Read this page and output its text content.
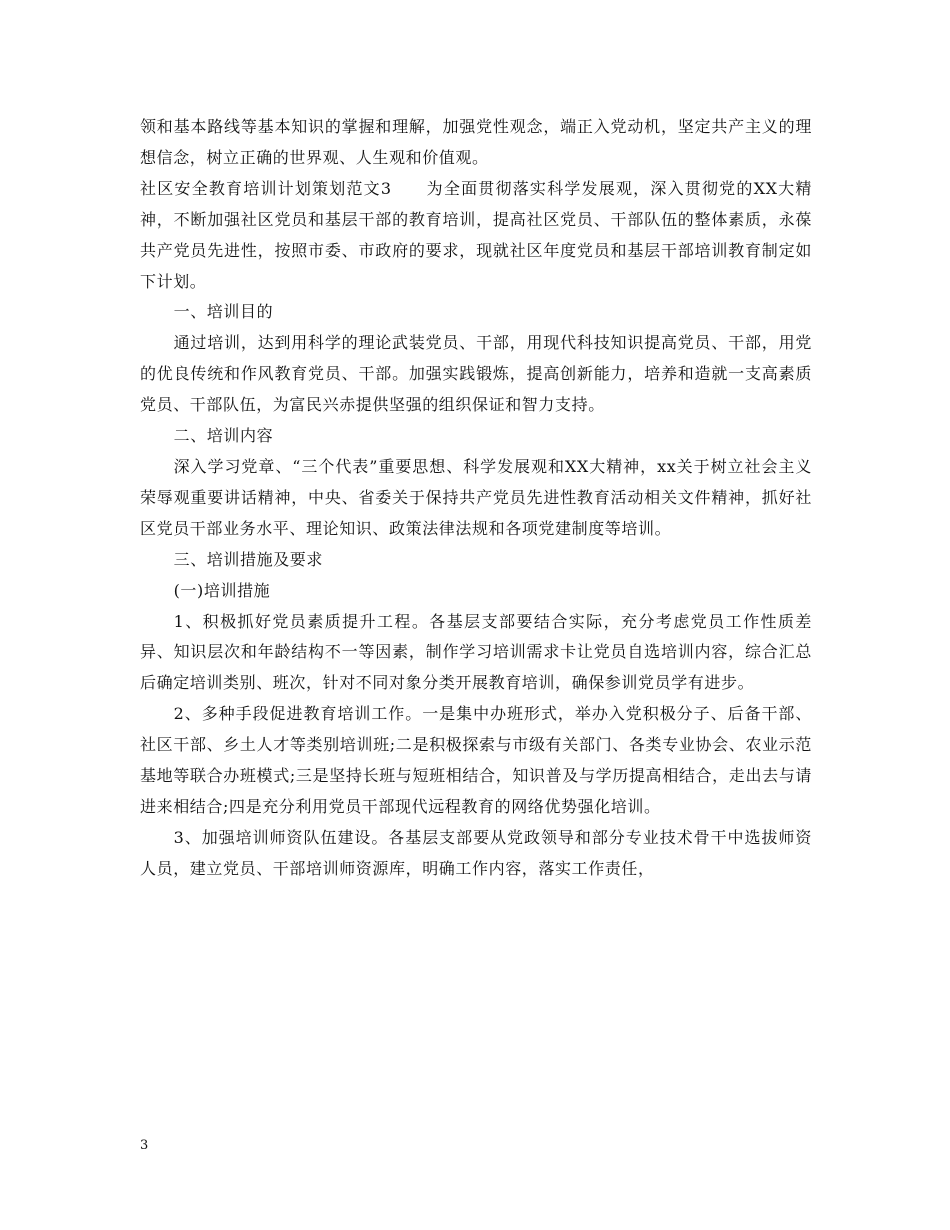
领和基本路线等基本知识的掌握和理解，加强党性观念，端正入党动机，坚定共产主义的理想信念，树立正确的世界观、人生观和价值观。

社区安全教育培训计划策划范文3　　为全面贯彻落实科学发展观，深入贯彻党的XX大精神，不断加强社区党员和基层干部的教育培训，提高社区党员、干部队伍的整体素质，永葆共产党员先进性，按照市委、市政府的要求，现就社区年度党员和基层干部培训教育制定如下计划。

一、培训目的

通过培训，达到用科学的理论武装党员、干部，用现代科技知识提高党员、干部，用党的优良传统和作风教育党员、干部。加强实践锻炼，提高创新能力，培养和造就一支高素质党员、干部队伍，为富民兴赤提供坚强的组织保证和智力支持。

二、培训内容

深入学习党章、“三个代表”重要思想、科学发展观和XX大精神，xx关于树立社会主义荣辱观重要讲话精神，中央、省委关于保持共产党员先进性教育活动相关文件精神，抓好社区党员干部业务水平、理论知识、政策法律法规和各项党建制度等培训。

三、培训措施及要求

(一)培训措施

1、积极抓好党员素质提升工程。各基层支部要结合实际，充分考虑党员工作性质差异、知识层次和年龄结构不一等因素，制作学习培训需求卡让党员自选培训内容，综合汇总后确定培训类别、班次，针对不同对象分类开展教育培训，确保参训党员学有进步。

2、多种手段促进教育培训工作。一是集中办班形式，举办入党积极分子、后备干部、社区干部、乡土人才等类别培训班;二是积极探索与市级有关部门、各类专业协会、农业示范基地等联合办班模式;三是坚持长班与短班相结合，知识普及与学历提高相结合，走出去与请进来相结合;四是充分利用党员干部现代远程教育的网络优势强化培训。

3、加强培训师资队伍建设。各基层支部要从党政领导和部分专业技术骨干中选拔师资人员，建立党员、干部培训师资源库，明确工作内容，落实工作责任，

3
